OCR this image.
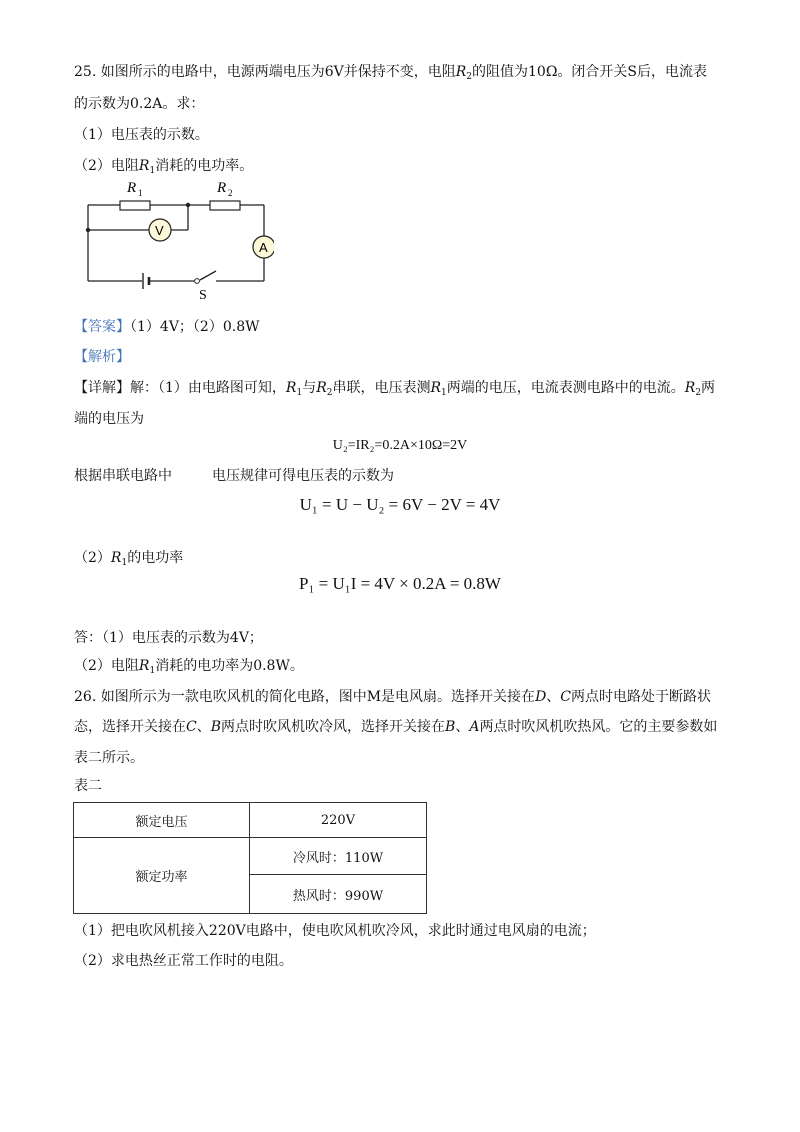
25. 如图所示的电路中，电源两端电压为6V并保持不变，电阻$R_2$的阻值为10Ω。闭合开关S后，电流表
的示数为0.2A。求：
（1）电压表的示数。
（2）电阻$R_1$消耗的电功率。
R 1	R 2
V
A
S
【答案】（1）4V；（2）0.8W
【解析】
【详解】解：（1）由电路图可知，$R_1$与$R_2$串联，电压表测$R_1$两端的电压，电流表测电路中的电流。$R_2$两
端的电压为
U₂=IR₂=0.2A×10Ω=2V
根据串联电路中	电压规律可得电压表的示数为
U₁ = U − U₂ = 6V − 2V = 4V
$(2)R_1$的电功率
P₁ = U₁I = 4V × 0.2A = 0.8W
答：（1）电压表的示数为4V；
（2）电阻$R_1$消耗的电功率为0.8W。
26. 如图所示为一款电吹风机的简化电路，图中M是电风扇。选择开关接在D、C两点时电路处于断路状
态，选择开关接在C、B两点时吹风机吹冷风，选择开关接在B、A两点时吹风机吹热风。它的主要参数如
表二所示。
表二
额定电压	220V
额定功率	冷风时：110W
	热风时：990W
（1）把电吹风机接入220V电路中，使电吹风机吹冷风，求此时通过电风扇的电流；
（2）求电热丝正常工作时的电阻。
